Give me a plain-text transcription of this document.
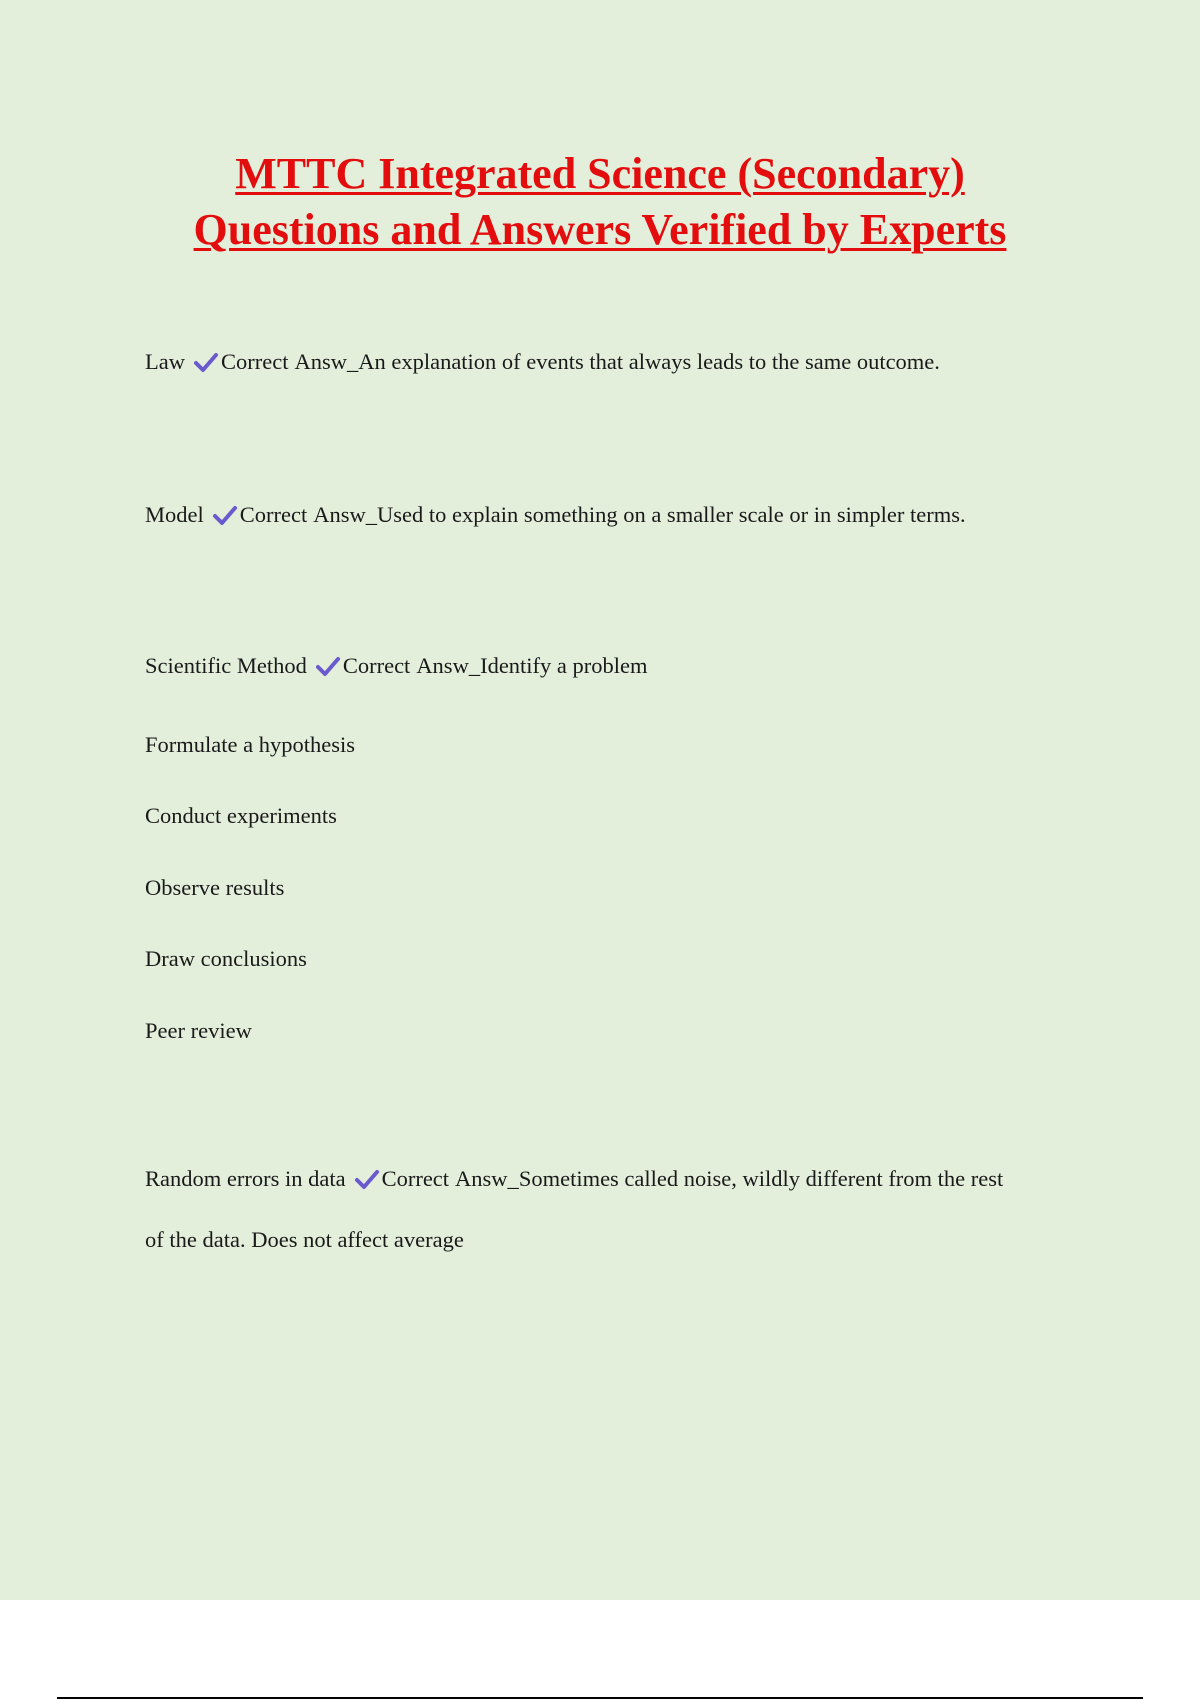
MTTC Integrated Science (Secondary)
Questions and Answers Verified by Experts

Law Correct Answ_An explanation of events that always leads to the same outcome.

Model Correct Answ_Used to explain something on a smaller scale or in simpler terms.

Scientific Method Correct Answ_Identify a problem

Formulate a hypothesis

Conduct experiments

Observe results

Draw conclusions

Peer review

Random errors in data Correct Answ_Sometimes called noise, wildly different from the rest

of the data. Does not affect average
